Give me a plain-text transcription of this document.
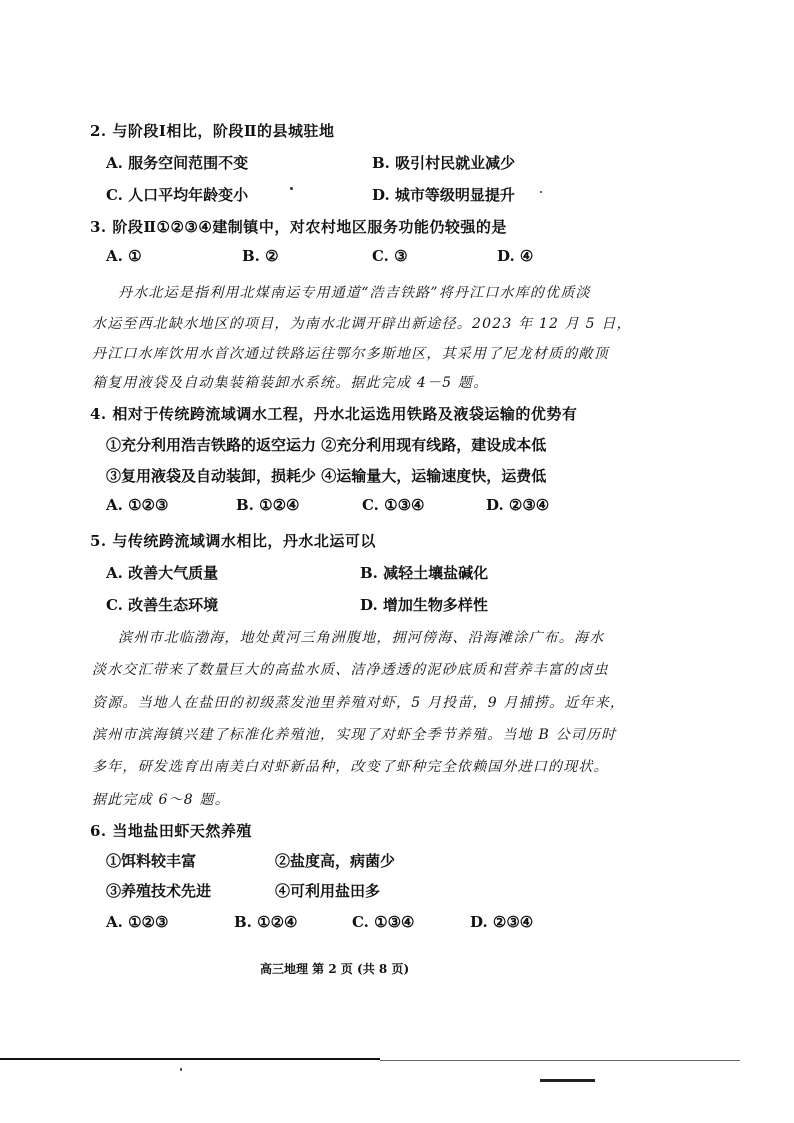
2. 与阶段Ⅰ相比，阶段Ⅱ的县城驻地
A. 服务空间范围不变	B. 吸引村民就业减少
C. 人口平均年龄变小	D. 城市等级明显提升
3. 阶段Ⅱ①②③④建制镇中，对农村地区服务功能仍较强的是
A. ①	B. ②	C. ③	D. ④
丹水北运是指利用北煤南运专用通道“浩吉铁路”将丹江口水库的优质淡
水运至西北缺水地区的项目，为南水北调开辟出新途径。2023 年 12 月 5 日，
丹江口水库饮用水首次通过铁路运往鄂尔多斯地区，其采用了尼龙材质的敞顶
箱复用液袋及自动集装箱装卸水系统。据此完成 4－5 题。
4. 相对于传统跨流域调水工程，丹水北运选用铁路及液袋运输的优势有
①充分利用浩吉铁路的返空运力 ②充分利用现有线路，建设成本低
③复用液袋及自动装卸，损耗少 ④运输量大，运输速度快，运费低
A. ①②③	B. ①②④	C. ①③④	D. ②③④
5. 与传统跨流域调水相比，丹水北运可以
A. 改善大气质量	B. 减轻土壤盐碱化
C. 改善生态环境	D. 增加生物多样性
滨州市北临渤海，地处黄河三角洲腹地，拥河傍海、沿海滩涂广布。海水
淡水交汇带来了数量巨大的高盐水质、洁净透透的泥砂底质和营养丰富的卤虫
资源。当地人在盐田的初级蒸发池里养殖对虾，5 月投苗，9 月捕捞。近年来，
滨州市滨海镇兴建了标准化养殖池，实现了对虾全季节养殖。当地 B 公司历时
多年，研发选育出南美白对虾新品种，改变了虾种完全依赖国外进口的现状。
据此完成 6～8 题。
6. 当地盐田虾天然养殖
①饵料较丰富	②盐度高，病菌少
③养殖技术先进	④可利用盐田多
A. ①②③	B. ①②④	C. ①③④	D. ②③④
高三地理 第 2 页 (共 8 页)
